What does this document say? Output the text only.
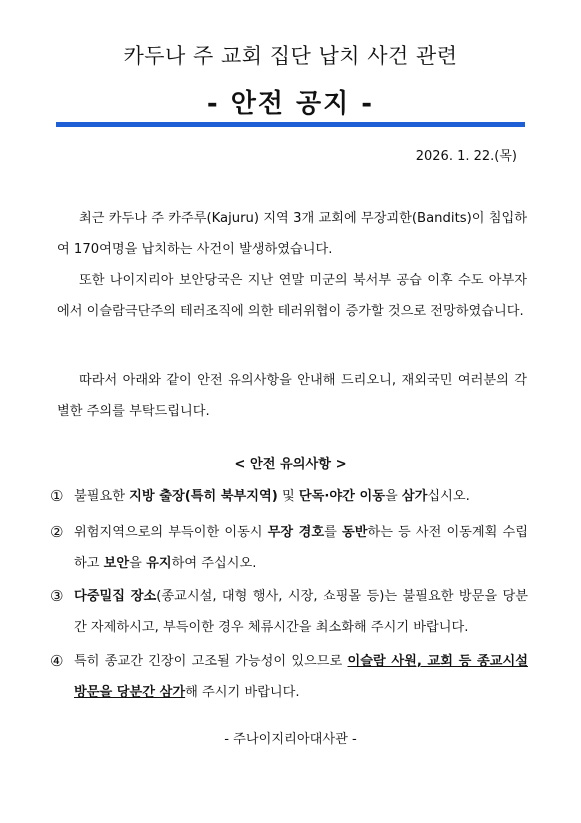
카두나 주 교회 집단 납치 사건 관련
- 안전 공지 -
2026. 1. 22.(목)
최근 카두나 주 카주루(Kajuru) 지역 3개 교회에 무장괴한(Bandits)이 침입하여 170여명을 납치하는 사건이 발생하였습니다.
또한 나이지리아 보안당국은 지난 연말 미군의 북서부 공습 이후 수도 아부자에서 이슬람극단주의 테러조직에 의한 테러위협이 증가할 것으로 전망하였습니다.
따라서 아래와 같이 안전 유의사항을 안내해 드리오니, 재외국민 여러분의 각별한 주의를 부탁드립니다.
< 안전 유의사항 >
① 불필요한 지방 출장(특히 북부지역) 및 단독·야간 이동을 삼가십시오.
② 위험지역으로의 부득이한 이동시 무장 경호를 동반하는 등 사전 이동계획 수립하고 보안을 유지하여 주십시오.
③ 다중밀집 장소(종교시설, 대형 행사, 시장, 쇼핑몰 등)는 불필요한 방문을 당분간 자제하시고, 부득이한 경우 체류시간을 최소화해 주시기 바랍니다.
④ 특히 종교간 긴장이 고조될 가능성이 있으므로 이슬람 사원, 교회 등 종교시설 방문을 당분간 삼가해 주시기 바랍니다.
- 주나이지리아대사관 -
